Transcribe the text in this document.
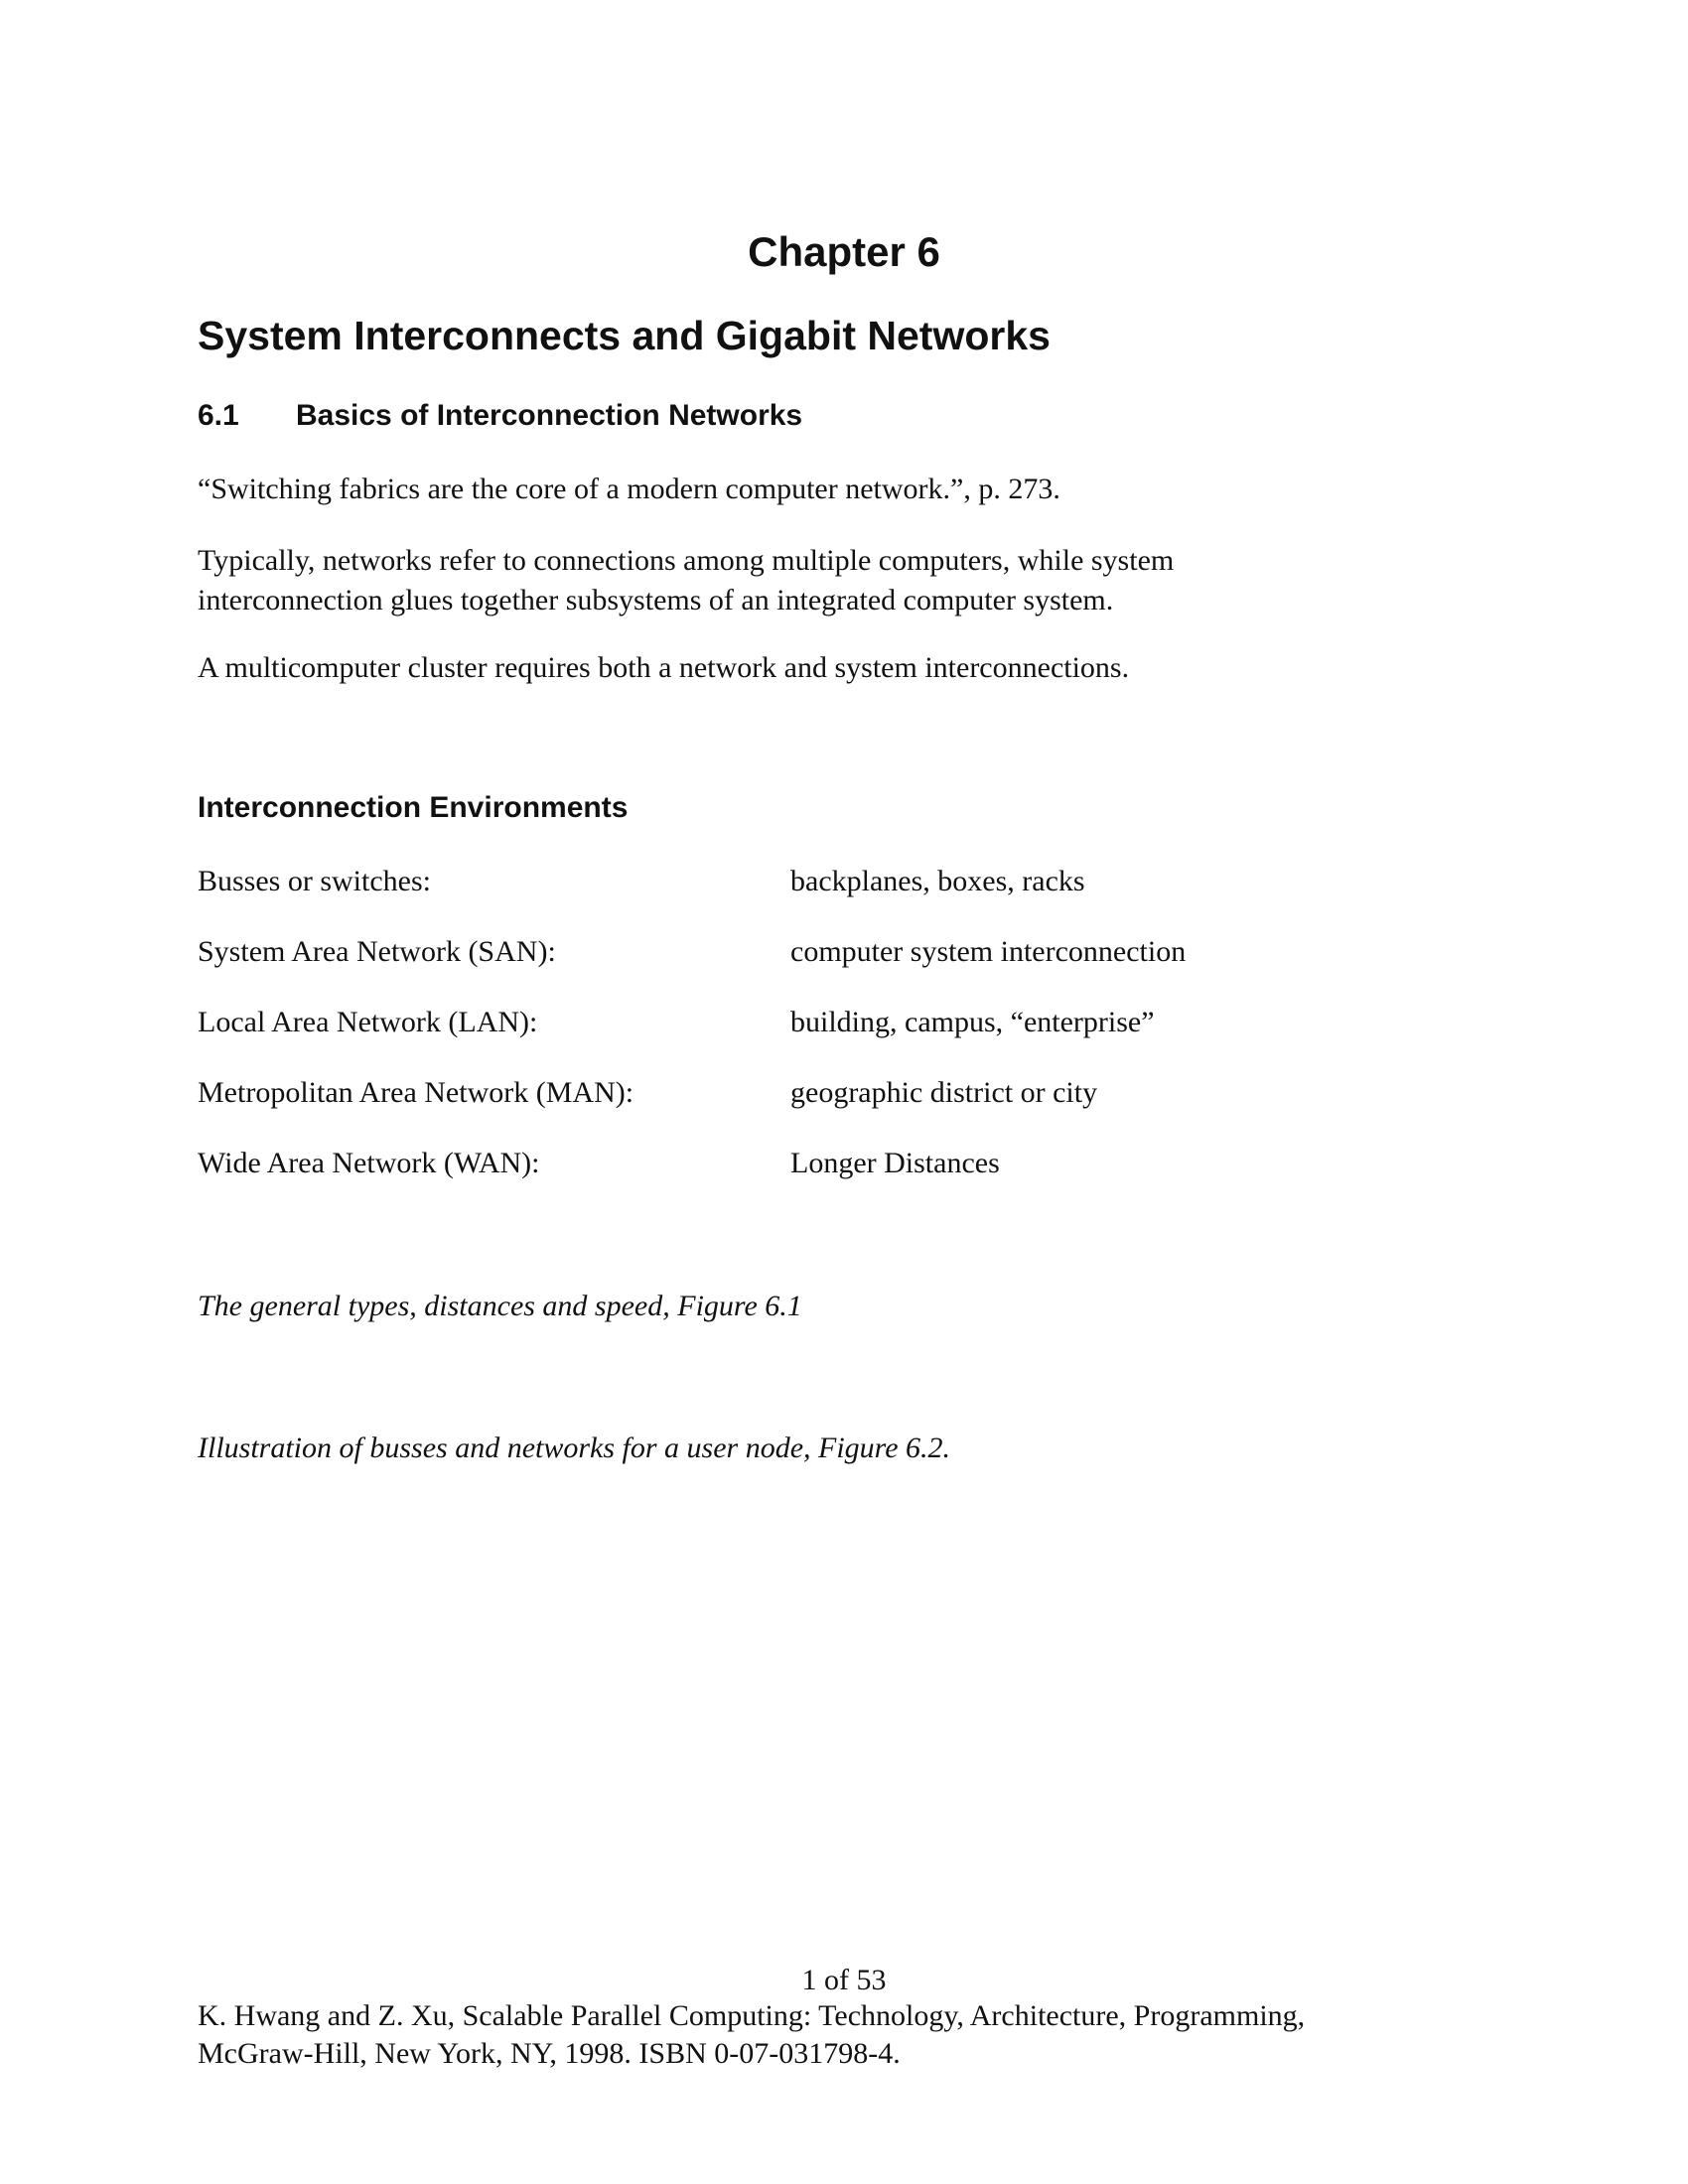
Chapter 6
System Interconnects and Gigabit Networks
6.1 Basics of Interconnection Networks

“Switching fabrics are the core of a modern computer network.”, p. 273.

Typically, networks refer to connections among multiple computers, while system

interconnection glues together subsystems of an integrated computer system.

A multicomputer cluster requires both a network and system interconnections.

Interconnection Environments
Busses or switches:	backplanes, boxes, racks
System Area Network (SAN):	computer system interconnection
Local Area Network (LAN):	building, campus, “enterprise”
Metropolitan Area Network (MAN):	geographic district or city
Wide Area Network (WAN):	Longer Distances

The general types, distances and speed, Figure 6.1

Illustration of busses and networks for a user node, Figure 6.2.

1 of 53
K. Hwang and Z. Xu, Scalable Parallel Computing: Technology, Architecture, Programming,
McGraw-Hill, New York, NY, 1998. ISBN 0-07-031798-4.
